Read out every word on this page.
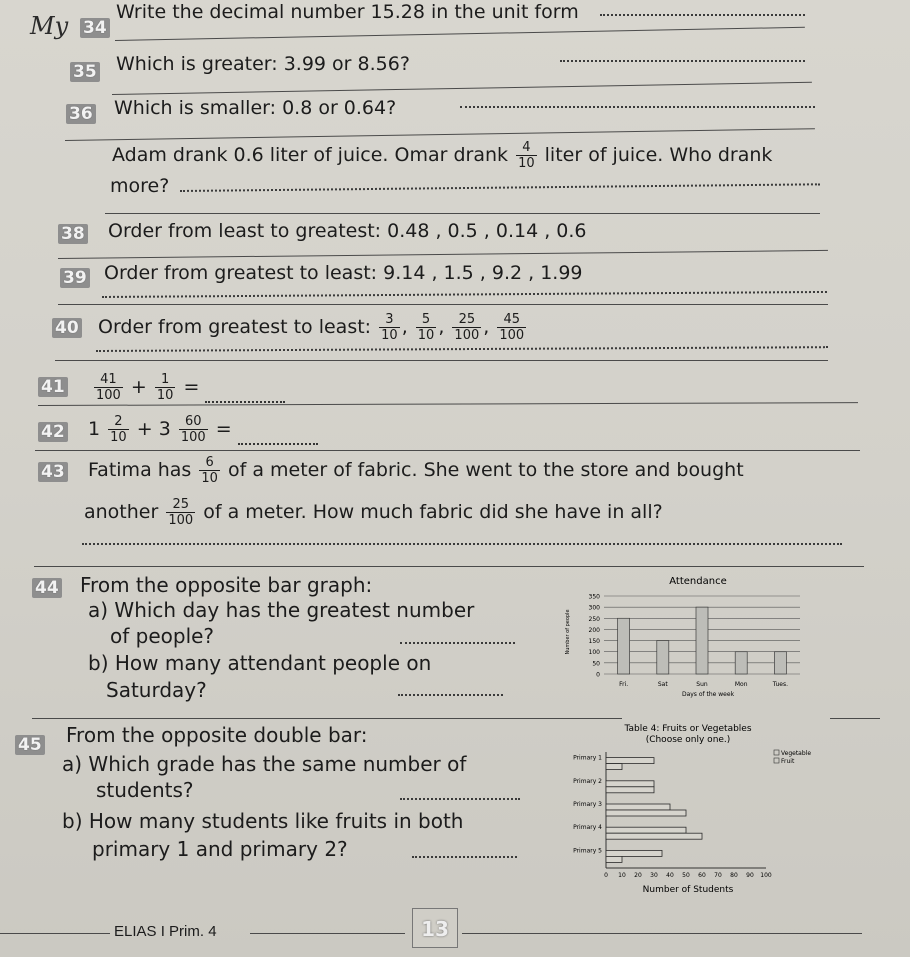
My 34
Write the decimal number 15.28 in the unit form
35 Which is greater: 3.99 or 8.56?
36 Which is smaller: 0.8 or 0.64?
Adam drank 0.6 liter of juice. Omar drank $\frac{4}{10}$ liter of juice. Who drank
more?
38 Order from least to greatest: 0.48 , 0.5 , 0.14 , 0.6
39 Order from greatest to least: 9.14 , 1.5 , 9.2 , 1.99
40 Order from greatest to least: $\frac{3}{10}$ , $\frac{5}{10}$ , $\frac{25}{100}$ , $\frac{45}{100}$
$41 \frac{41}{100} + \frac{1}{10}$ =
42 $1 \frac{2}{10} + 3 \frac{60}{100}$ =
43 Fatima has $\frac{6}{10}$ of a meter of fabric. She went to the store and bought
another $\frac{25}{100}$ of a meter. How much fabric did she have in all?
44 From the opposite bar graph:
a) Which day has the greatest number
of people?
b) How many attendant people on
Saturday?
Attendance
Number of people
Days of the week
0
50
100
150
200
250
300
350
Fri.	Sat	Sun	Mon	Tues.
45 From the opposite double bar:
a) Which grade has the same number of
students?
b) How many students like fruits in both
primary 1 and primary 2?
Table 4: Fruits or Vegetables
(Choose only one.)
Number of Students
0 10 20 30 40 50 60 70 80 90 100
Primary 1
Primary 2
Primary 3
Primary 4
Primary 5
Vegetable
Fruit
ELIAS I Prim. 4	13
